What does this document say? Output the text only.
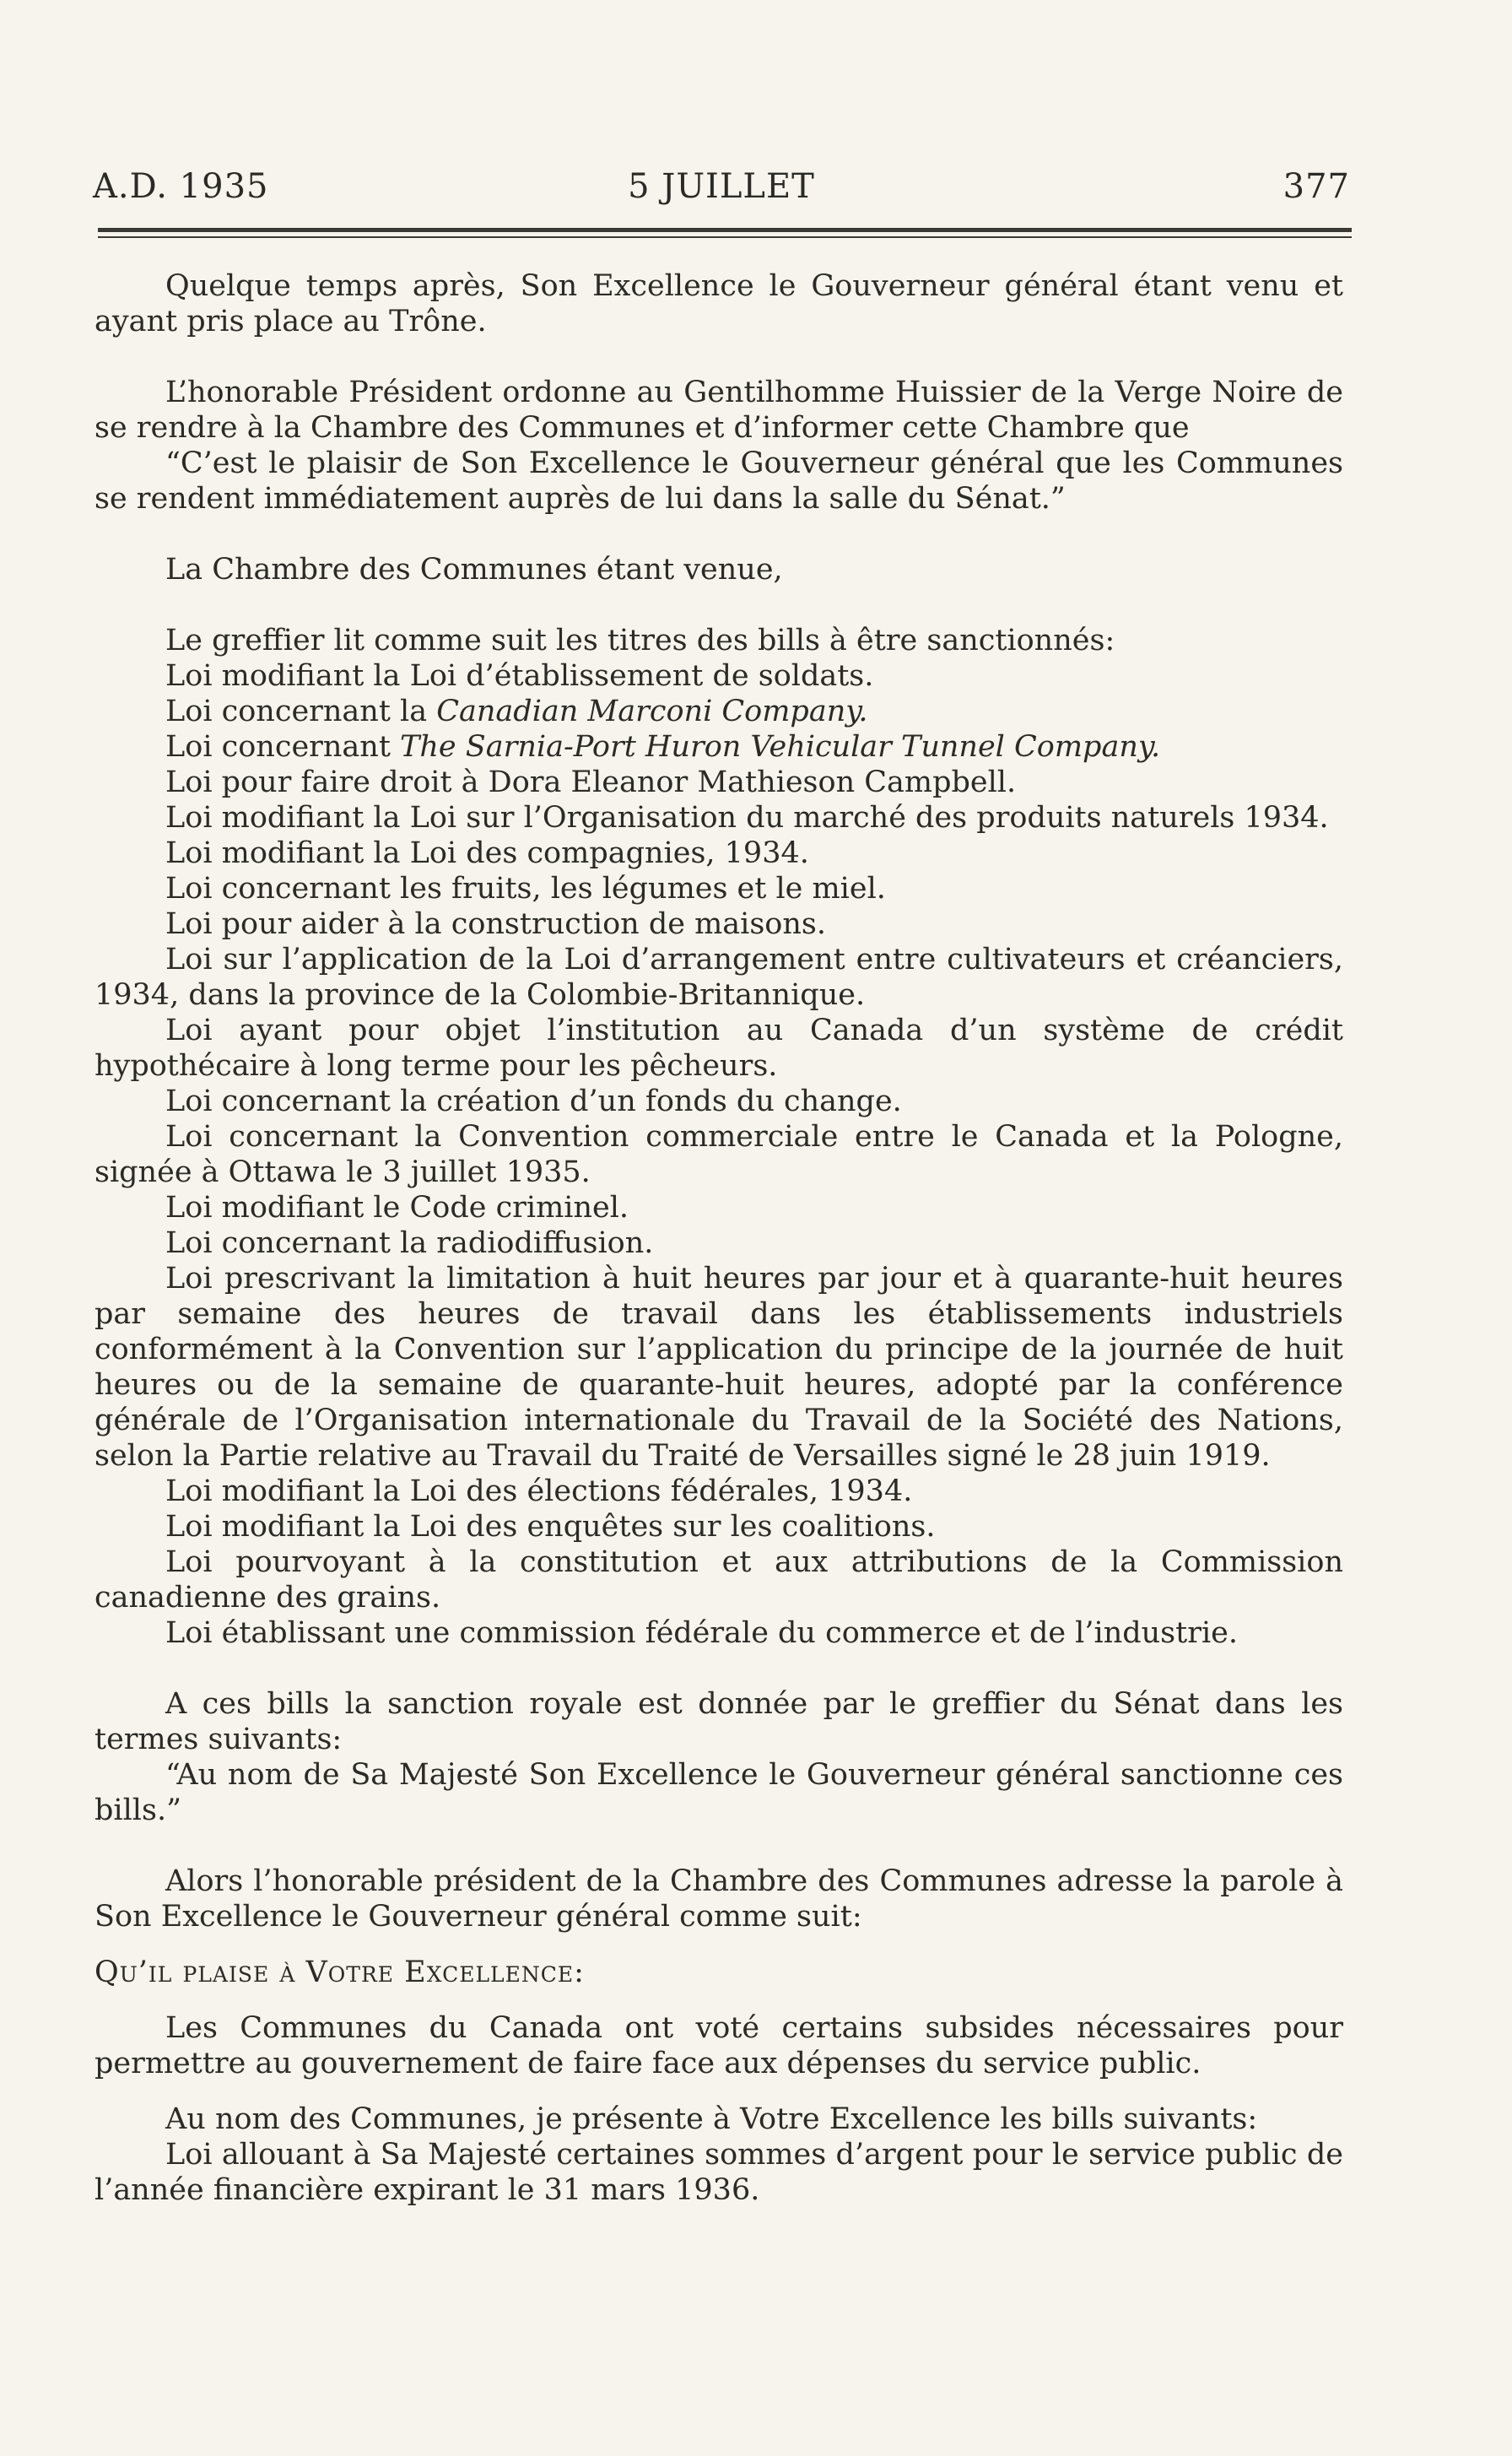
A.D. 1935	5 JUILLET	377

Quelque temps après, Son Excellence le Gouverneur général étant venu et ayant pris place au Trône.

L’honorable Président ordonne au Gentilhomme Huissier de la Verge Noire de se rendre à la Chambre des Communes et d’informer cette Chambre que

“C’est le plaisir de Son Excellence le Gouverneur général que les Communes se rendent immédiatement auprès de lui dans la salle du Sénat.”

La Chambre des Communes étant venue,

Le greffier lit comme suit les titres des bills à être sanctionnés:

Loi modifiant la Loi d’établissement de soldats.

Loi concernant la Canadian Marconi Company.

Loi concernant The Sarnia-Port Huron Vehicular Tunnel Company.

Loi pour faire droit à Dora Eleanor Mathieson Campbell.

Loi modifiant la Loi sur l’Organisation du marché des produits naturels 1934.

Loi modifiant la Loi des compagnies, 1934.

Loi concernant les fruits, les légumes et le miel.

Loi pour aider à la construction de maisons.

Loi sur l’application de la Loi d’arrangement entre cultivateurs et créanciers, 1934, dans la province de la Colombie-Britannique.

Loi ayant pour objet l’institution au Canada d’un système de crédit hypothécaire à long terme pour les pêcheurs.

Loi concernant la création d’un fonds du change.

Loi concernant la Convention commerciale entre le Canada et la Pologne, signée à Ottawa le 3 juillet 1935.

Loi modifiant le Code criminel.

Loi concernant la radiodiffusion.

Loi prescrivant la limitation à huit heures par jour et à quarante-huit heures par semaine des heures de travail dans les établissements industriels conformément à la Convention sur l’application du principe de la journée de huit heures ou de la semaine de quarante-huit heures, adopté par la conférence générale de l’Organisation internationale du Travail de la Société des Nations, selon la Partie relative au Travail du Traité de Versailles signé le 28 juin 1919.

Loi modifiant la Loi des élections fédérales, 1934.

Loi modifiant la Loi des enquêtes sur les coalitions.

Loi pourvoyant à la constitution et aux attributions de la Commission canadienne des grains.

Loi établissant une commission fédérale du commerce et de l’industrie.

A ces bills la sanction royale est donnée par le greffier du Sénat dans les termes suivants:

“Au nom de Sa Majesté Son Excellence le Gouverneur général sanctionne ces bills.”

Alors l’honorable président de la Chambre des Communes adresse la parole à Son Excellence le Gouverneur général comme suit:

Qu’il plaise à Votre Excellence:

Les Communes du Canada ont voté certains subsides nécessaires pour permettre au gouvernement de faire face aux dépenses du service public.

Au nom des Communes, je présente à Votre Excellence les bills suivants:

Loi allouant à Sa Majesté certaines sommes d’argent pour le service public de l’année financière expirant le 31 mars 1936.
